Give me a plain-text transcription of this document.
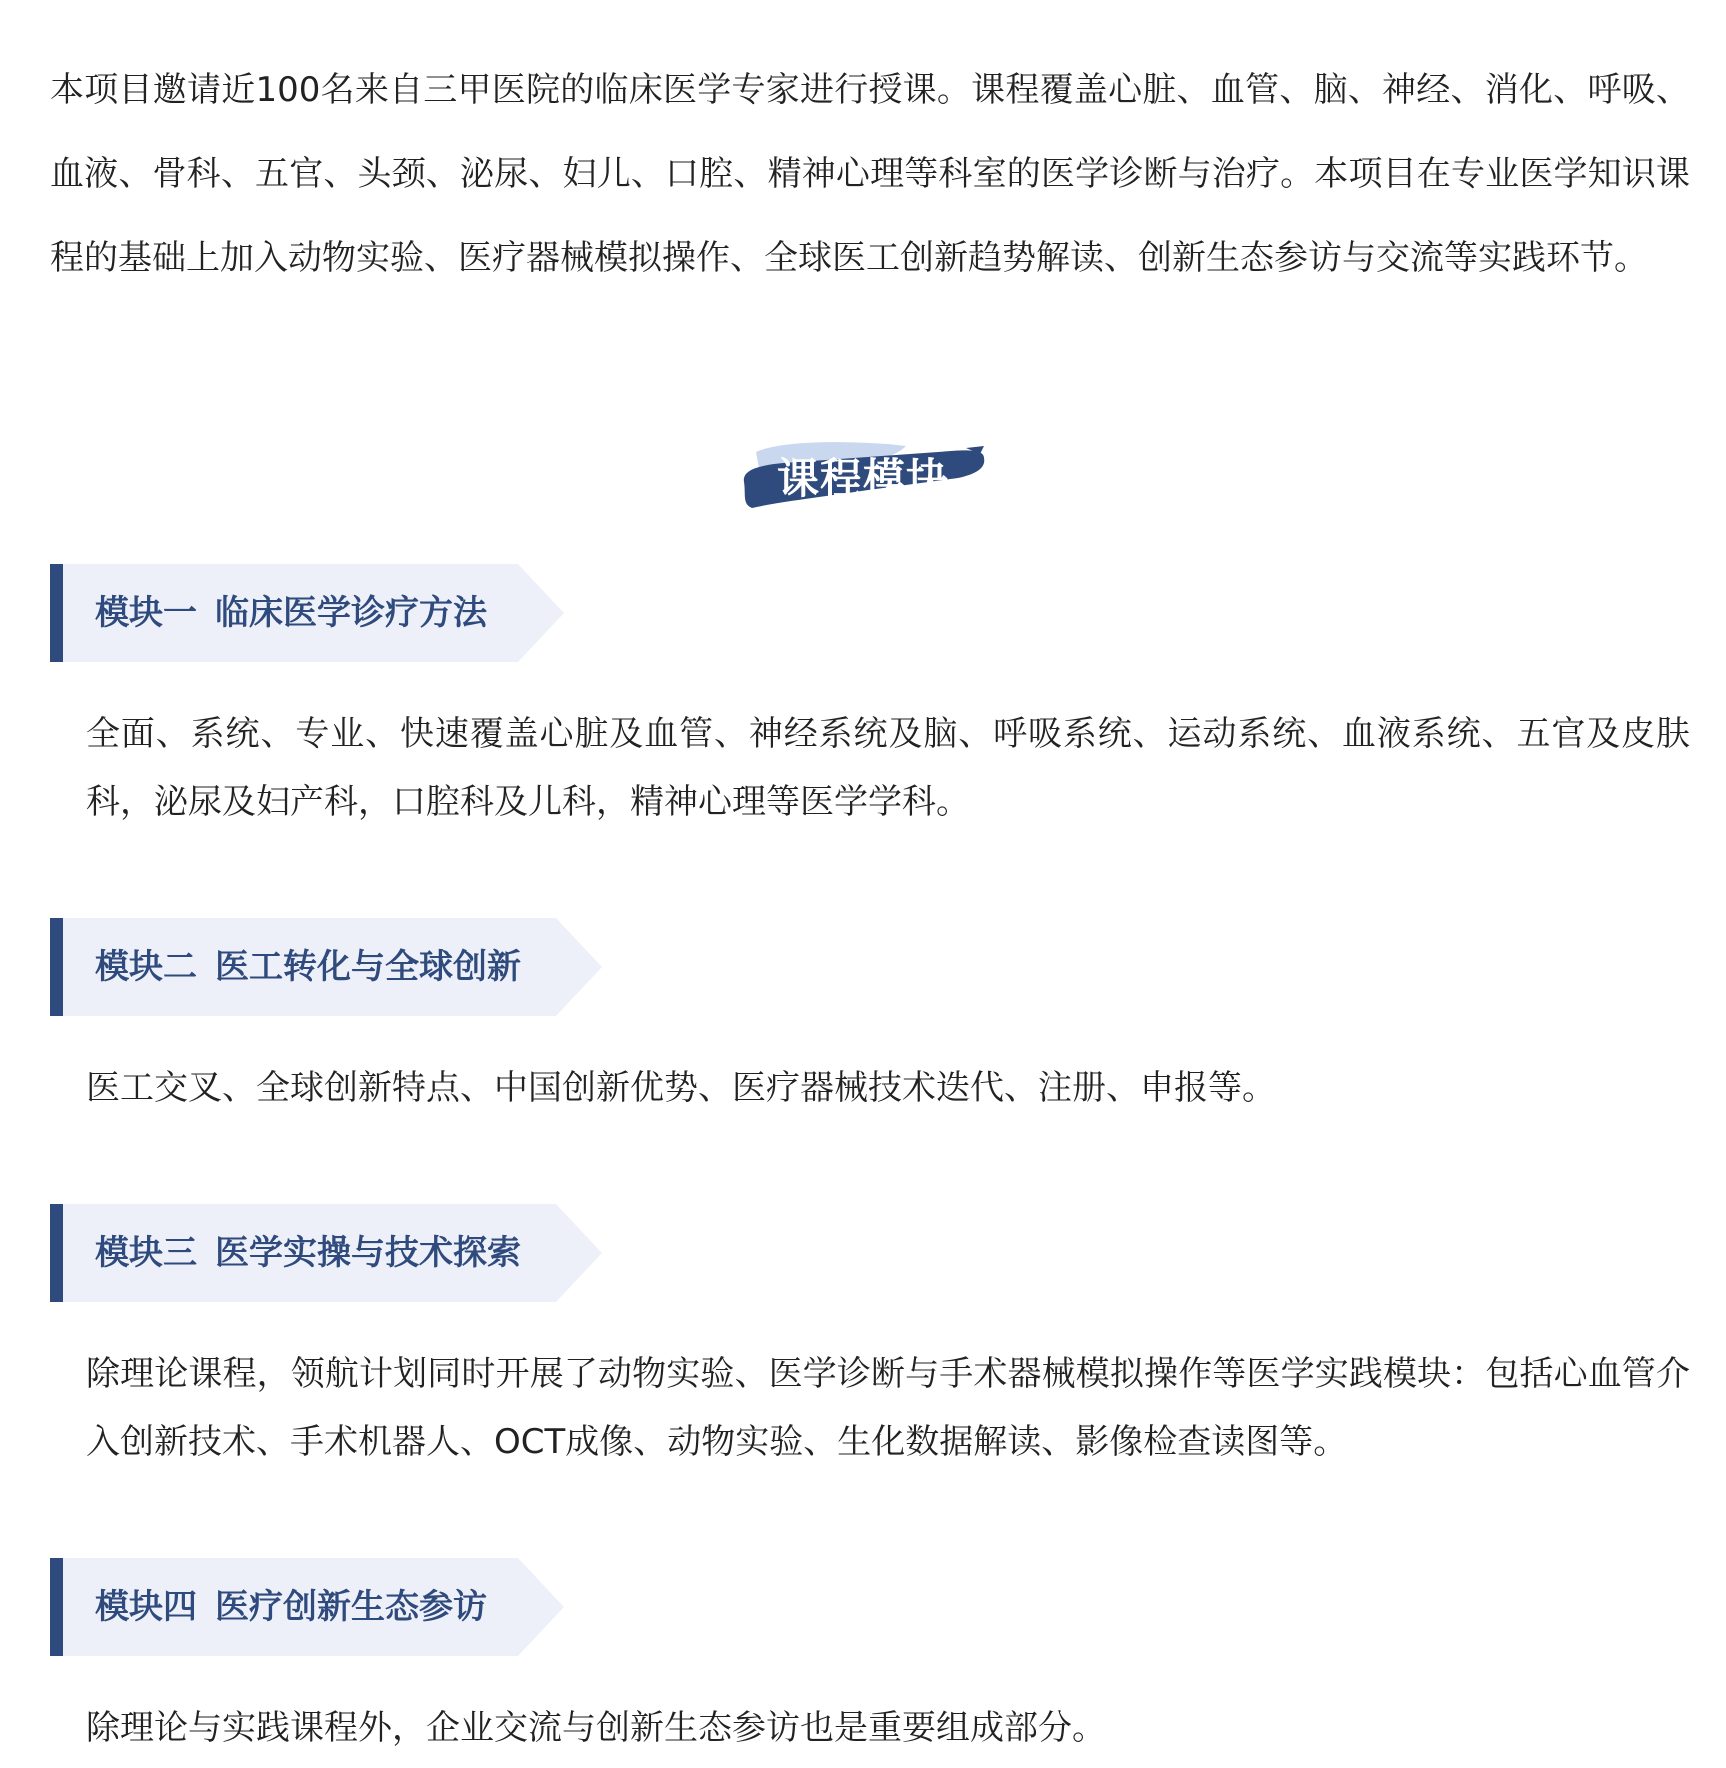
本项目邀请近100名来自三甲医院的临床医学专家进行授课。课程覆盖心脏、血管、脑、神经、消化、呼吸、血液、骨科、五官、头颈、泌尿、妇儿、口腔、精神心理等科室的医学诊断与治疗。本项目在专业医学知识课程的基础上加入动物实验、医疗器械模拟操作、全球医工创新趋势解读、创新生态参访与交流等实践环节。

课程模块
模块一 临床医学诊疗方法

全面、系统、专业、快速覆盖心脏及血管、神经系统及脑、呼吸系统、运动系统、血液系统、五官及皮肤科，泌尿及妇产科，口腔科及儿科，精神心理等医学学科。

模块二 医工转化与全球创新

医工交叉、全球创新特点、中国创新优势、医疗器械技术迭代、注册、申报等。

模块三 医学实操与技术探索

除理论课程，领航计划同时开展了动物实验、医学诊断与手术器械模拟操作等医学实践模块：包括心血管介入创新技术、手术机器人、OCT成像、动物实验、生化数据解读、影像检查读图等。

模块四 医疗创新生态参访

除理论与实践课程外，企业交流与创新生态参访也是重要组成部分。
